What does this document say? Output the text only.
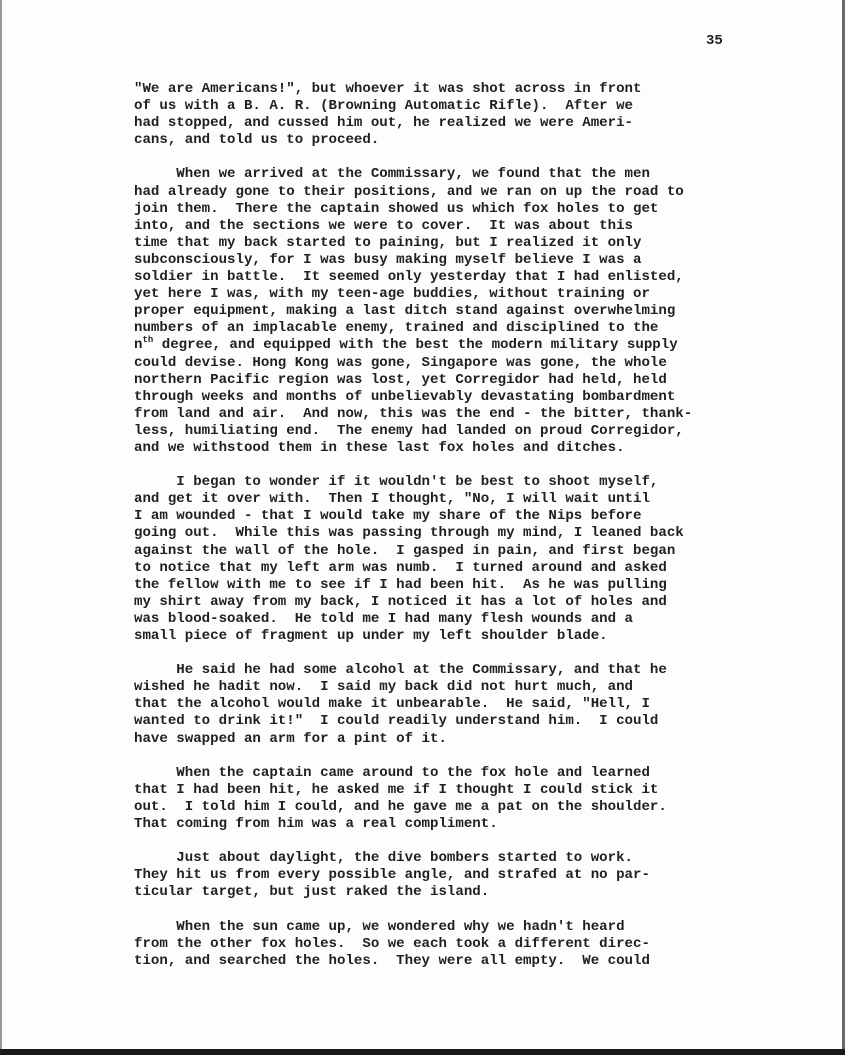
35

"We are Americans!", but whoever it was shot across in front
of us with a B. A. R. (Browning Automatic Rifle).  After we
had stopped, and cussed him out, he realized we were Ameri-
cans, and told us to proceed.

When we arrived at the Commissary, we found that the men
had already gone to their positions, and we ran on up the road to
join them.  There the captain showed us which fox holes to get
into, and the sections we were to cover.  It was about this
time that my back started to paining, but I realized it only
subconsciously, for I was busy making myself believe I was a
soldier in battle.  It seemed only yesterday that I had enlisted,
yet here I was, with my teen-age buddies, without training or
proper equipment, making a last ditch stand against overwhelming
numbers of an implacable enemy, trained and disciplined to the
$n^{th}$ degree, and equipped with the best the modern military supply
could devise. Hong Kong was gone, Singapore was gone, the whole
northern Pacific region was lost, yet Corregidor had held, held
through weeks and months of unbelievably devastating bombardment
from land and air.  And now, this was the end - the bitter, thank-
less, humiliating end.  The enemy had landed on proud Corregidor,
and we withstood them in these last fox holes and ditches.

I began to wonder if it wouldn't be best to shoot myself,
and get it over with.  Then I thought, "No, I will wait until
I am wounded - that I would take my share of the Nips before
going out.  While this was passing through my mind, I leaned back
against the wall of the hole.  I gasped in pain, and first began
to notice that my left arm was numb.  I turned around and asked
the fellow with me to see if I had been hit.  As he was pulling
my shirt away from my back, I noticed it has a lot of holes and
was blood-soaked.  He told me I had many flesh wounds and a
small piece of fragment up under my left shoulder blade.

He said he had some alcohol at the Commissary, and that he
wished he hadit now.  I said my back did not hurt much, and
that the alcohol would make it unbearable.  He said, "Hell, I
wanted to drink it!"  I could readily understand him.  I could
have swapped an arm for a pint of it.

When the captain came around to the fox hole and learned
that I had been hit, he asked me if I thought I could stick it
out.  I told him I could, and he gave me a pat on the shoulder.
That coming from him was a real compliment.

Just about daylight, the dive bombers started to work.
They hit us from every possible angle, and strafed at no par-
ticular target, but just raked the island.

When the sun came up, we wondered why we hadn't heard
from the other fox holes.  So we each took a different direc-
tion, and searched the holes.  They were all empty.  We could
